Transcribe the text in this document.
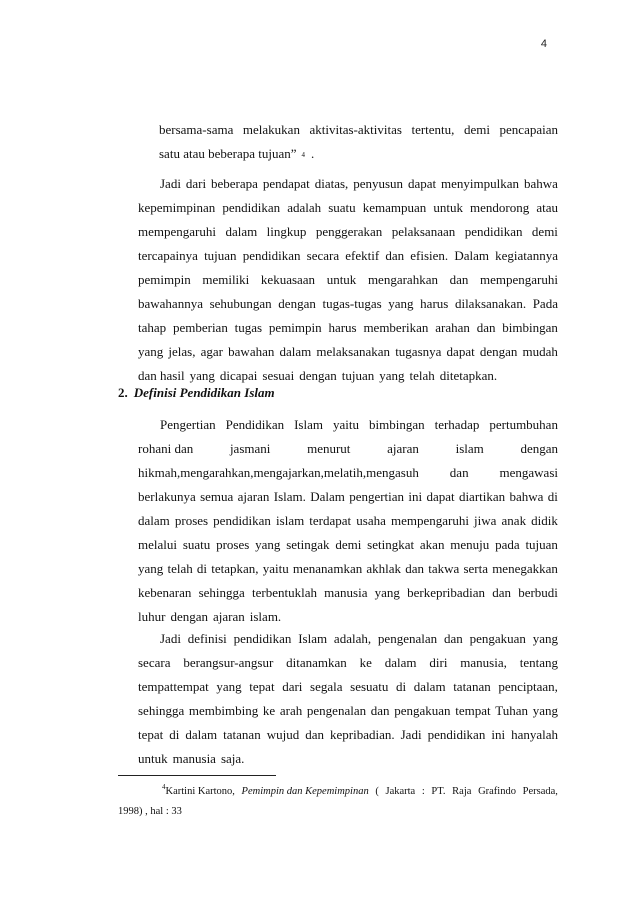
4
bersama-sama melakukan aktivitas-aktivitas tertentu, demi pencapaian
satu atau beberapa tujuan” $^4$ .
Jadi dari beberapa pendapat diatas, penyusun dapat menyimpulkan bahwa
kepemimpinan pendidikan adalah suatu kemampuan untuk mendorong atau
mempengaruhi dalam lingkup penggerakan pelaksanaan pendidikan demi
tercapainya tujuan pendidikan secara efektif dan efisien. Dalam kegiatannya
pemimpin memiliki kekuasaan untuk mengarahkan dan mempengaruhi
bawahannya sehubungan dengan tugas-tugas yang harus dilaksanakan. Pada
tahap pemberian tugas pemimpin harus memberikan arahan dan bimbingan
yang jelas, agar bawahan dalam melaksanakan tugasnya dapat dengan mudah
dan hasil yang dicapai sesuai dengan tujuan yang telah ditetapkan.
2. Definisi Pendidikan Islam
Pengertian Pendidikan Islam yaitu bimbingan terhadap pertumbuhan
rohani dan	jasmani	menurut	ajaran	islam	dengan
hikmah,mengarahkan,mengajarkan,melatih,mengasuh dan mengawasi
berlakunya semua ajaran Islam. Dalam pengertian ini dapat diartikan bahwa di
dalam proses pendidikan islam terdapat usaha mempengaruhi jiwa anak didik
melalui suatu proses yang setingak demi setingkat akan menuju pada tujuan
yang telah di tetapkan, yaitu menanamkan akhlak dan takwa serta menegakkan
kebenaran sehingga terbentuklah manusia yang berkepribadian dan berbudi
luhur dengan ajaran islam.
Jadi definisi pendidikan Islam adalah, pengenalan dan pengakuan yang
secara berangsur-angsur ditanamkan ke dalam diri manusia, tentang
tempattempat yang tepat dari segala sesuatu di dalam tatanan penciptaan,
sehingga membimbing ke arah pengenalan dan pengakuan tempat Tuhan yang
tepat di dalam tatanan wujud dan kepribadian. Jadi pendidikan ini hanyalah
untuk manusia saja.
$^4$Kartini Kartono, Pemimpin dan Kepemimpinan ( Jakarta : PT. Raja Grafindo Persada,
1998) , hal : 33
